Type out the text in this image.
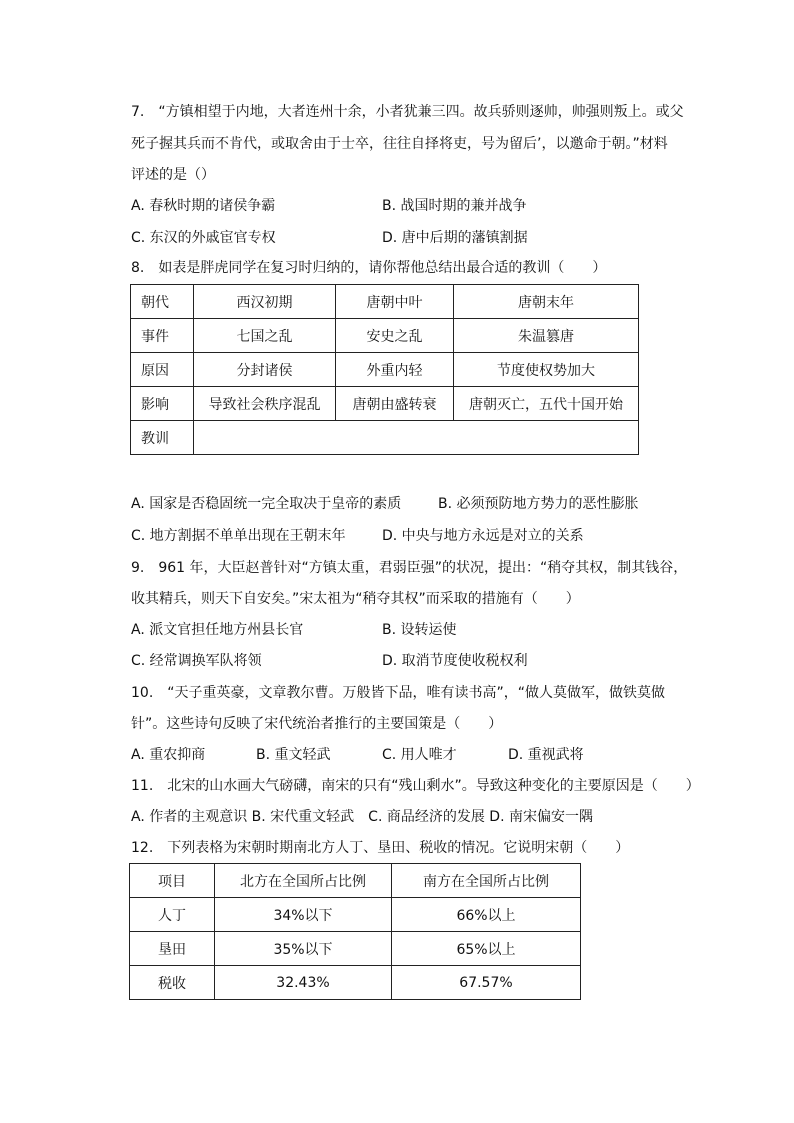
7.　“方镇相望于内地，大者连州十余，小者犹兼三四。故兵骄则逐帅，帅强则叛上。或父
死子握其兵而不肯代，或取舍由于士卒，往往自择将吏，号为留后’，以邀命于朝。”材料
评述的是（）
A. 春秋时期的诸侯争霸	B. 战国时期的兼并战争
C. 东汉的外戚宦官专权	D. 唐中后期的藩镇割据
8.　如表是胖虎同学在复习时归纳的，请你帮他总结出最合适的教训（　　）
朝代	西汉初期	唐朝中叶	唐朝末年
事件	七国之乱	安史之乱	朱温篡唐
原因	分封诸侯	外重内轻	节度使权势加大
影响	导致社会秩序混乱	唐朝由盛转衰	唐朝灭亡，五代十国开始
教训			
A. 国家是否稳固统一完全取决于皇帝的素质	B. 必须预防地方势力的恶性膨胀
C. 地方割据不单单出现在王朝末年	D. 中央与地方永远是对立的关系
9.　961 年，大臣赵普针对“方镇太重，君弱臣强”的状况，提出：“稍夺其权，制其钱谷，
收其精兵，则天下自安矣。”宋太祖为“稍夺其权”而采取的措施有（　　）
A. 派文官担任地方州县长官	B. 设转运使
C. 经常调换军队将领	D. 取消节度使收税权利
10.　“天子重英豪，文章教尔曹。万般皆下品，唯有读书高”，“做人莫做军，做铁莫做
针”。这些诗句反映了宋代统治者推行的主要国策是（　　）
A. 重农抑商	B. 重文轻武	C. 用人唯才	D. 重视武将
11.　北宋的山水画大气磅礴，南宋的只有“残山剩水”。导致这种变化的主要原因是（　　）
A. 作者的主观意识 B. 宋代重文轻武　C. 商品经济的发展 D. 南宋偏安一隅
12.　下列表格为宋朝时期南北方人丁、垦田、税收的情况。它说明宋朝（　　）
项目	北方在全国所占比例	南方在全国所占比例
人丁	34%以下	66%以上
垦田	35%以下	65%以上
税收	32.43%	67.57%
